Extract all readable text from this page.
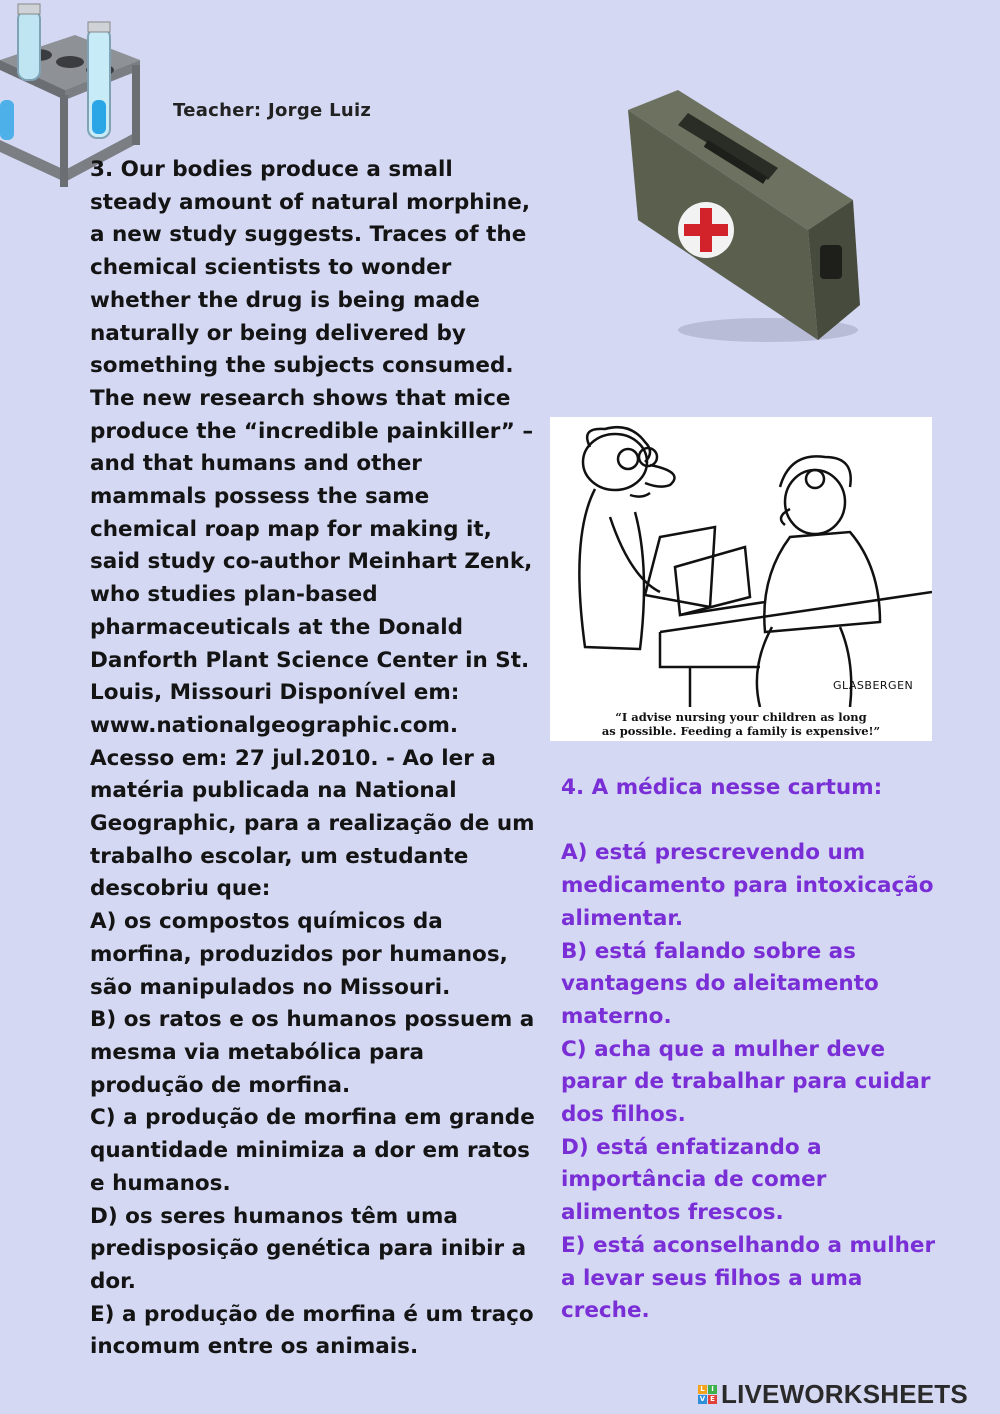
Teacher: Jorge Luiz

3. Our bodies produce a small steady amount of natural morphine, a new study suggests. Traces of the chemical scientists to wonder whether the drug is being made naturally or being delivered by something the subjects consumed. The new research shows that mice produce the “incredible painkiller” – and that humans and other mammals possess the same chemical roap map for making it, said study co-author Meinhart Zenk, who studies plan-based pharmaceuticals at the Donald Danforth Plant Science Center in St. Louis, Missouri Disponível em: www.nationalgeographic.com. Acesso em: 27 jul.2010. - Ao ler a matéria publicada na National Geographic, para a realização de um trabalho escolar, um estudante descobriu que:

A) os compostos químicos da morfina, produzidos por humanos, são manipulados no Missouri.

B) os ratos e os humanos possuem a mesma via metabólica para produção de morfina.

C) a produção de morfina em grande quantidade minimiza a dor em ratos e humanos.

D) os seres humanos têm uma predisposição genética para inibir a dor.

E) a produção de morfina é um traço incomum entre os animais.

GLASBERGEN
“I advise nursing your children as long
as possible. Feeding a family is expensive!”

4. A médica nesse cartum:

A) está prescrevendo um medicamento para intoxicação alimentar.

B) está falando sobre as vantagens do aleitamento materno.

C) acha que a mulher deve parar de trabalhar para cuidar dos filhos.

D) está enfatizando a importância de comer alimentos frescos.

E) está aconselhando a mulher a levar seus filhos a uma creche.

L I
V E LIVEWORKSHEETS
